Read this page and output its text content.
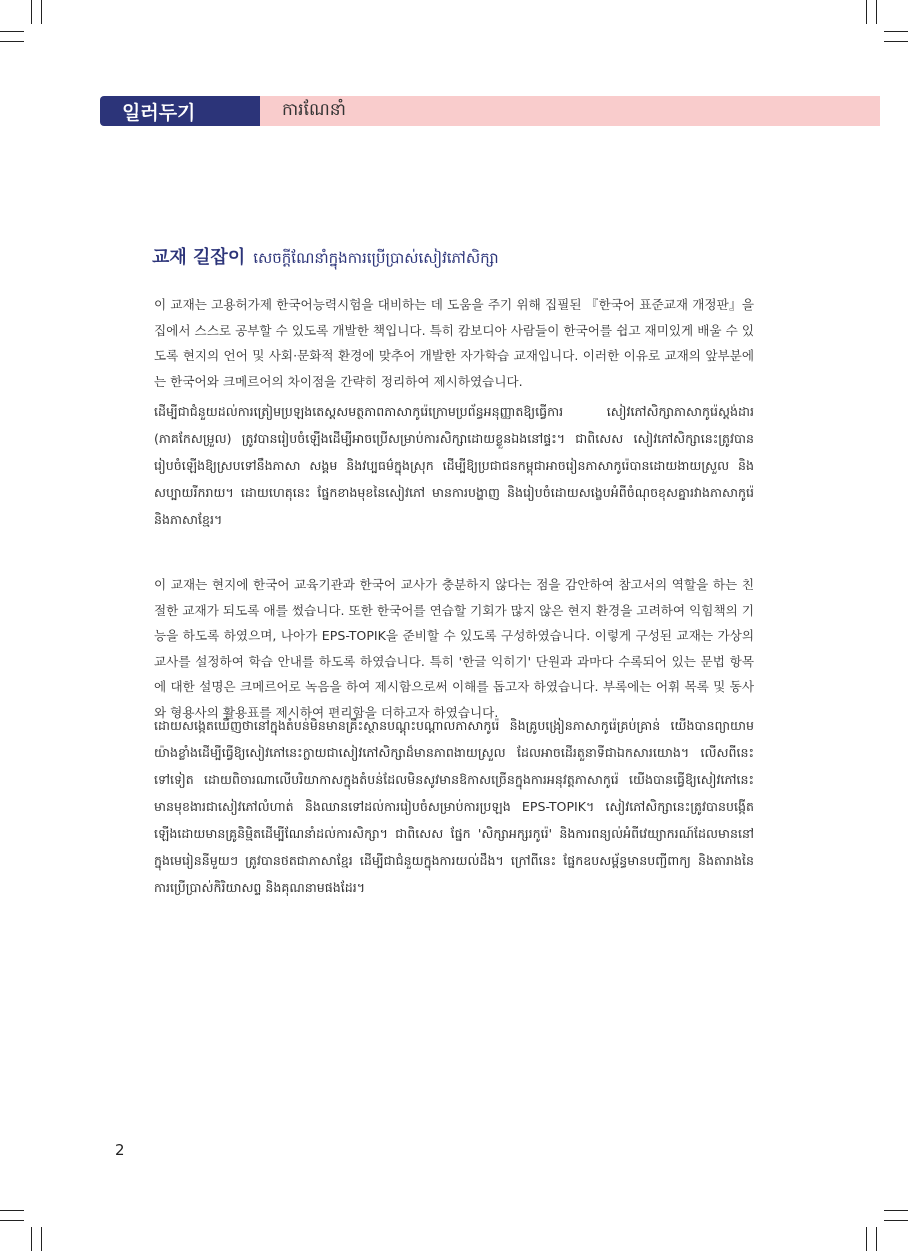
일러두기	ការណែនាំ
교재 길잡이 សេចក្តីណែនាំក្នុងការប្រើប្រាស់សៀវភៅសិក្សា

이 교재는 고용허가제 한국어능력시험을 대비하는 데 도움을 주기 위해 집필된 『한국어 표준교재 개정판』을 집에서 스스로 공부할 수 있도록 개발한 책입니다. 특히 캄보디아 사람들이 한국어를 쉽고 재미있게 배울 수 있도록 현지의 언어 및 사회·문화적 환경에 맞추어 개발한 자가학습 교재입니다. 이러한 이유로 교재의 앞부분에는 한국어와 크메르어의 차이점을 간략히 정리하여 제시하였습니다.

ដើម្បីជាជំនួយដល់ការត្រៀមប្រឡងតេស្តសមត្ថភាពភាសាកូរ៉េក្រោមប្រព័ន្ធអនុញ្ញាតឱ្យធ្វើការ សៀវភៅសិក្សាភាសាកូរ៉េស្តង់ដារ (ភាគកែសម្រួល) ត្រូវបានរៀបចំឡើងដើម្បីអាចប្រើសម្រាប់ការសិក្សាដោយខ្លួនឯងនៅផ្ទះ។ ជាពិសេស សៀវភៅសិក្សានេះត្រូវបានរៀបចំឡើងឱ្យស្របទៅនឹងភាសា សង្គម និងវប្បធម៌ក្នុងស្រុក ដើម្បីឱ្យប្រជាជនកម្ពុជាអាចរៀនភាសាកូរ៉េបានដោយងាយស្រួល និងសប្បាយរីករាយ។ ដោយហេតុនេះ ផ្នែកខាងមុខនៃសៀវភៅ មានការបង្ហាញ និងរៀបចំដោយសង្ខេបអំពីចំណុចខុសគ្នារវាងភាសាកូរ៉េ និងភាសាខ្មែរ។

이 교재는 현지에 한국어 교육기관과 한국어 교사가 충분하지 않다는 점을 감안하여 참고서의 역할을 하는 친절한 교재가 되도록 애를 썼습니다. 또한 한국어를 연습할 기회가 많지 않은 현지 환경을 고려하여 익힘책의 기능을 하도록 하였으며, 나아가 EPS-TOPIK을 준비할 수 있도록 구성하였습니다. 이렇게 구성된 교재는 가상의 교사를 설정하여 학습 안내를 하도록 하였습니다. 특히 '한글 익히기' 단원과 과마다 수록되어 있는 문법 항목에 대한 설명은 크메르어로 녹음을 하여 제시함으로써 이해를 돕고자 하였습니다. 부록에는 어휘 목록 및 동사와 형용사의 활용표를 제시하여 편리함을 더하고자 하였습니다.

ដោយសង្កេតឃើញថានៅក្នុងតំបន់មិនមានគ្រឹះស្ថានបណ្តុះបណ្តាលភាសាកូរ៉េ និងគ្រូបង្រៀនភាសាកូរ៉េគ្រប់គ្រាន់ យើងបានព្យាយាមយ៉ាងខ្លាំងដើម្បីធ្វើឱ្យសៀវភៅនេះក្លាយជាសៀវភៅសិក្សាដ៏មានភាពងាយស្រួល ដែលអាចដើរតួនាទីជាឯកសារយោង។ លើសពីនេះទៅទៀត ដោយពិចារណាលើបរិយាកាសក្នុងតំបន់ដែលមិនសូវមានឱកាសច្រើនក្នុងការអនុវត្តភាសាកូរ៉េ យើងបានធ្វើឱ្យសៀវភៅនេះមានមុខងារជាសៀវភៅលំហាត់ និងឈានទៅដល់ការរៀបចំសម្រាប់ការប្រឡង EPS-TOPIK។ សៀវភៅសិក្សានេះត្រូវបានបង្កើតឡើងដោយមានគ្រូនិម្មិតដើម្បីណែនាំដល់ការសិក្សា។ ជាពិសេស ផ្នែក 'សិក្សាអក្សរកូរ៉េ' និងការពន្យល់អំពីវេយ្យាករណ៍ដែលមាននៅក្នុងមេរៀននីមួយៗ ត្រូវបានថតជាភាសាខ្មែរ ដើម្បីជាជំនួយក្នុងការយល់ដឹង។ ក្រៅពីនេះ ផ្នែកឧបសម្ព័ន្ធមានបញ្ជីពាក្យ និងតារាងនៃការប្រើប្រាស់កិរិយាសព្ទ និងគុណនាមផងដែរ។

2
